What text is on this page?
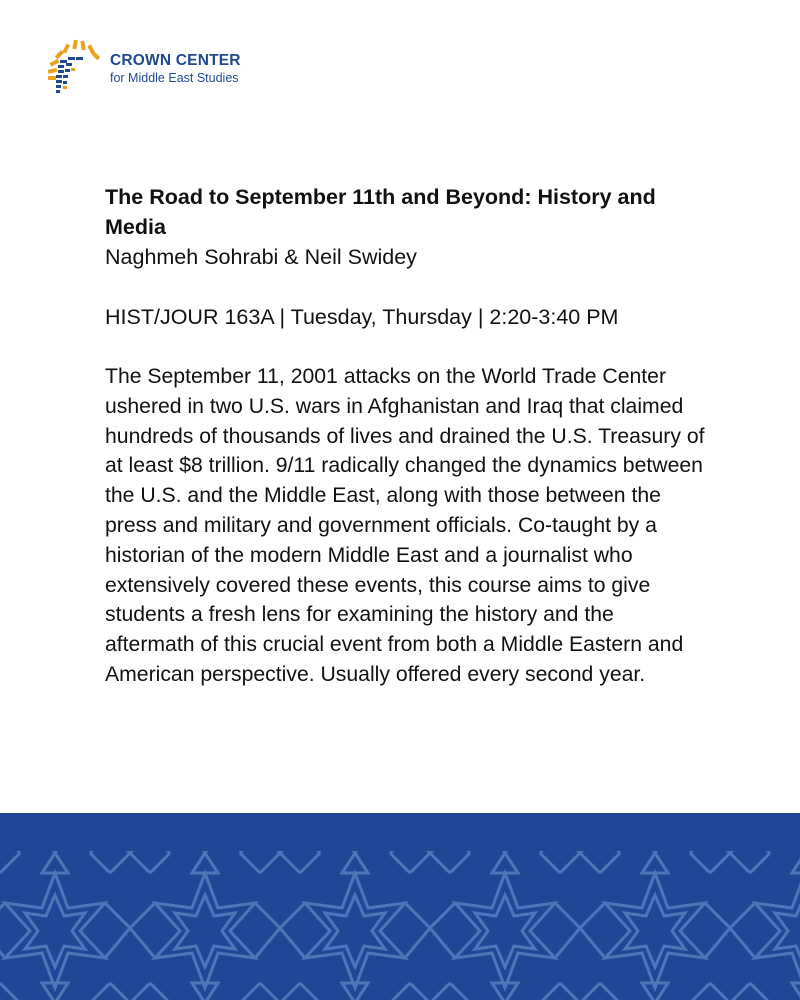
CROWN CENTER
for Middle East Studies
The Road to September 11th and Beyond: History and Media

Naghmeh Sohrabi & Neil Swidey

HIST/JOUR 163A | Tuesday, Thursday | 2:20-3:40 PM

The September 11, 2001 attacks on the World Trade Center ushered in two U.S. wars in Afghanistan and Iraq that claimed hundreds of thousands of lives and drained the U.S. Treasury of at least $8 trillion. 9/11 radically changed the dynamics between the U.S. and the Middle East, along with those between the press and military and government officials. Co-taught by a historian of the modern Middle East and a journalist who extensively covered these events, this course aims to give students a fresh lens for examining the history and the aftermath of this crucial event from both a Middle Eastern and American perspective. Usually offered every second year.
